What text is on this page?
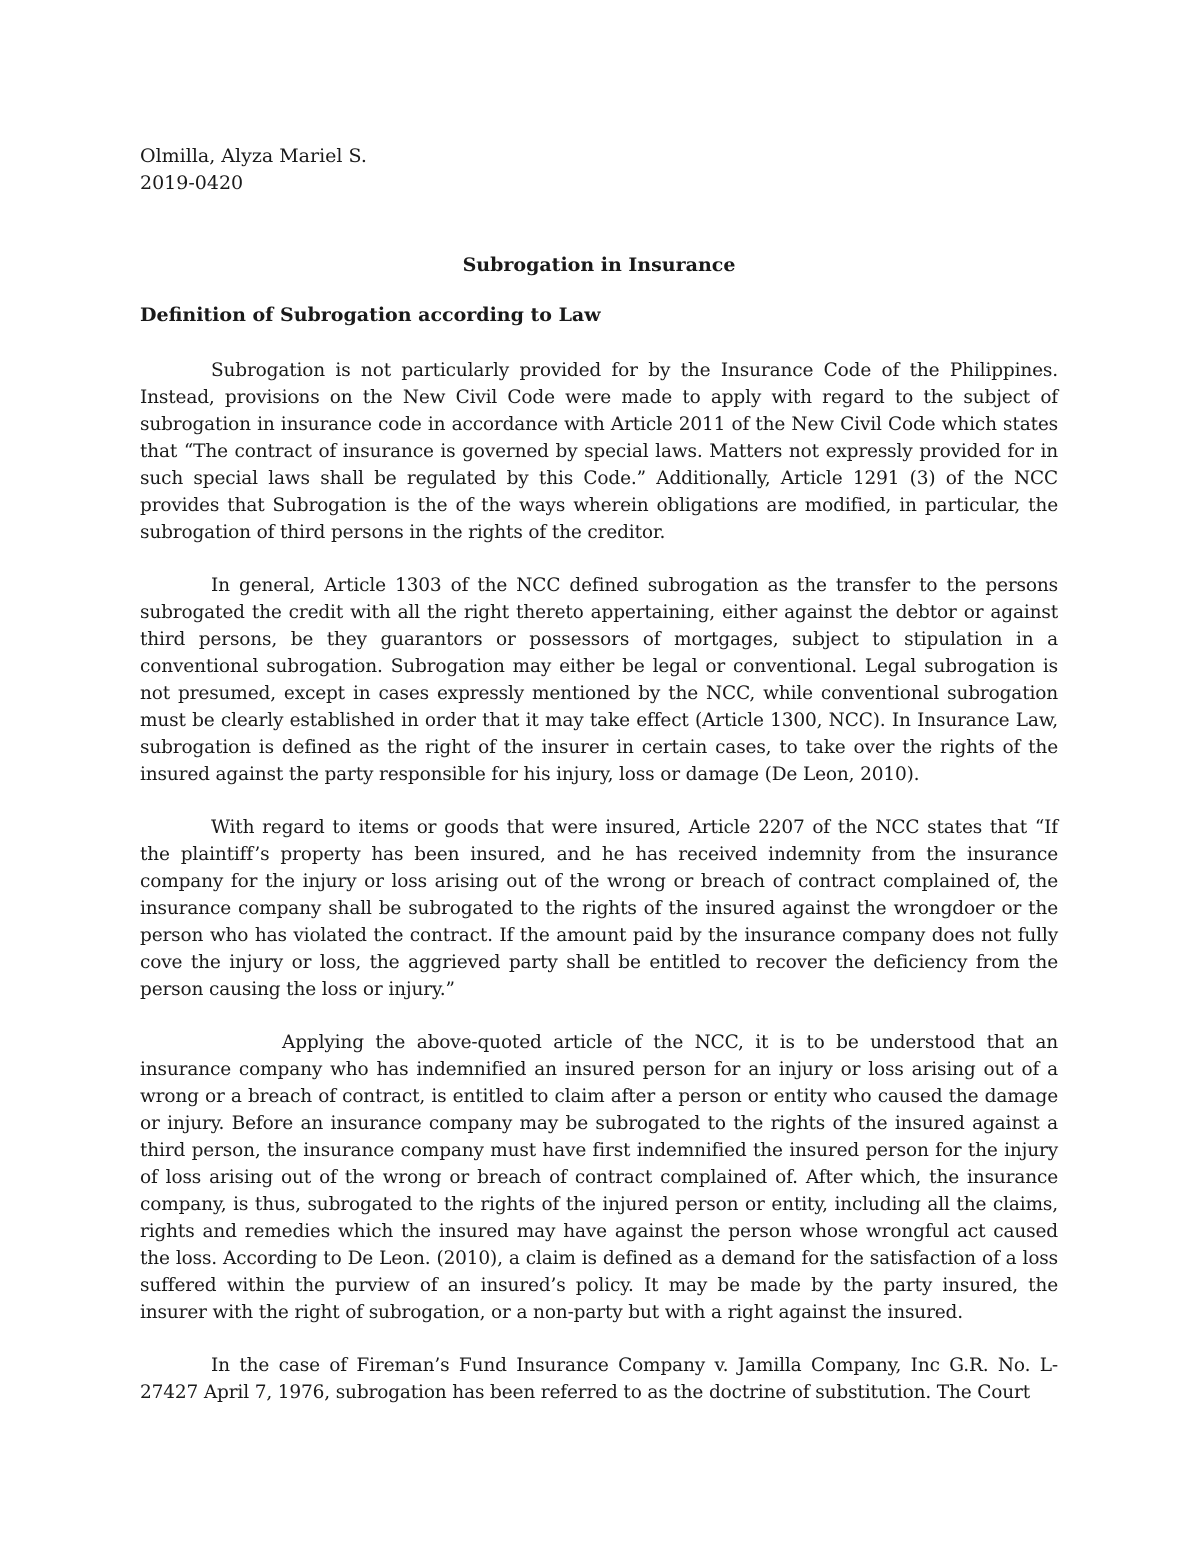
Olmilla, Alyza Mariel S.

2019-0420

Subrogation in Insurance
Definition of Subrogation according to Law

Subrogation is not particularly provided for by the Insurance Code of the Philippines. Instead, provisions on the New Civil Code were made to apply with regard to the subject of subrogation in insurance code in accordance with Article 2011 of the New Civil Code which states that “The contract of insurance is governed by special laws. Matters not expressly provided for in such special laws shall be regulated by this Code.” Additionally, Article 1291 (3) of the NCC provides that Subrogation is the of the ways wherein obligations are modified, in particular, the subrogation of third persons in the rights of the creditor.

In general, Article 1303 of the NCC defined subrogation as the transfer to the persons subrogated the credit with all the right thereto appertaining, either against the debtor or against third persons, be they guarantors or possessors of mortgages, subject to stipulation in a conventional subrogation. Subrogation may either be legal or conventional. Legal subrogation is not presumed, except in cases expressly mentioned by the NCC, while conventional subrogation must be clearly established in order that it may take effect (Article 1300, NCC). In Insurance Law, subrogation is defined as the right of the insurer in certain cases, to take over the rights of the insured against the party responsible for his injury, loss or damage (De Leon, 2010).

With regard to items or goods that were insured, Article 2207 of the NCC states that “If the plaintiff’s property has been insured, and he has received indemnity from the insurance company for the injury or loss arising out of the wrong or breach of contract complained of, the insurance company shall be subrogated to the rights of the insured against the wrongdoer or the person who has violated the contract. If the amount paid by the insurance company does not fully cove the injury or loss, the aggrieved party shall be entitled to recover the deficiency from the person causing the loss or injury.”

Applying the above-quoted article of the NCC, it is to be understood that an insurance company who has indemnified an insured person for an injury or loss arising out of a wrong or a breach of contract, is entitled to claim after a person or entity who caused the damage or injury. Before an insurance company may be subrogated to the rights of the insured against a third person, the insurance company must have first indemnified the insured person for the injury of loss arising out of the wrong or breach of contract complained of. After which, the insurance company, is thus, subrogated to the rights of the injured person or entity, including all the claims, rights and remedies which the insured may have against the person whose wrongful act caused the loss. According to De Leon. (2010), a claim is defined as a demand for the satisfaction of a loss suffered within the purview of an insured’s policy. It may be made by the party insured, the insurer with the right of subrogation, or a non-party but with a right against the insured.

In the case of Fireman’s Fund Insurance Company v. Jamilla Company, Inc G.R. No. L-27427 April 7, 1976, subrogation has been referred to as the doctrine of substitution. The Court
